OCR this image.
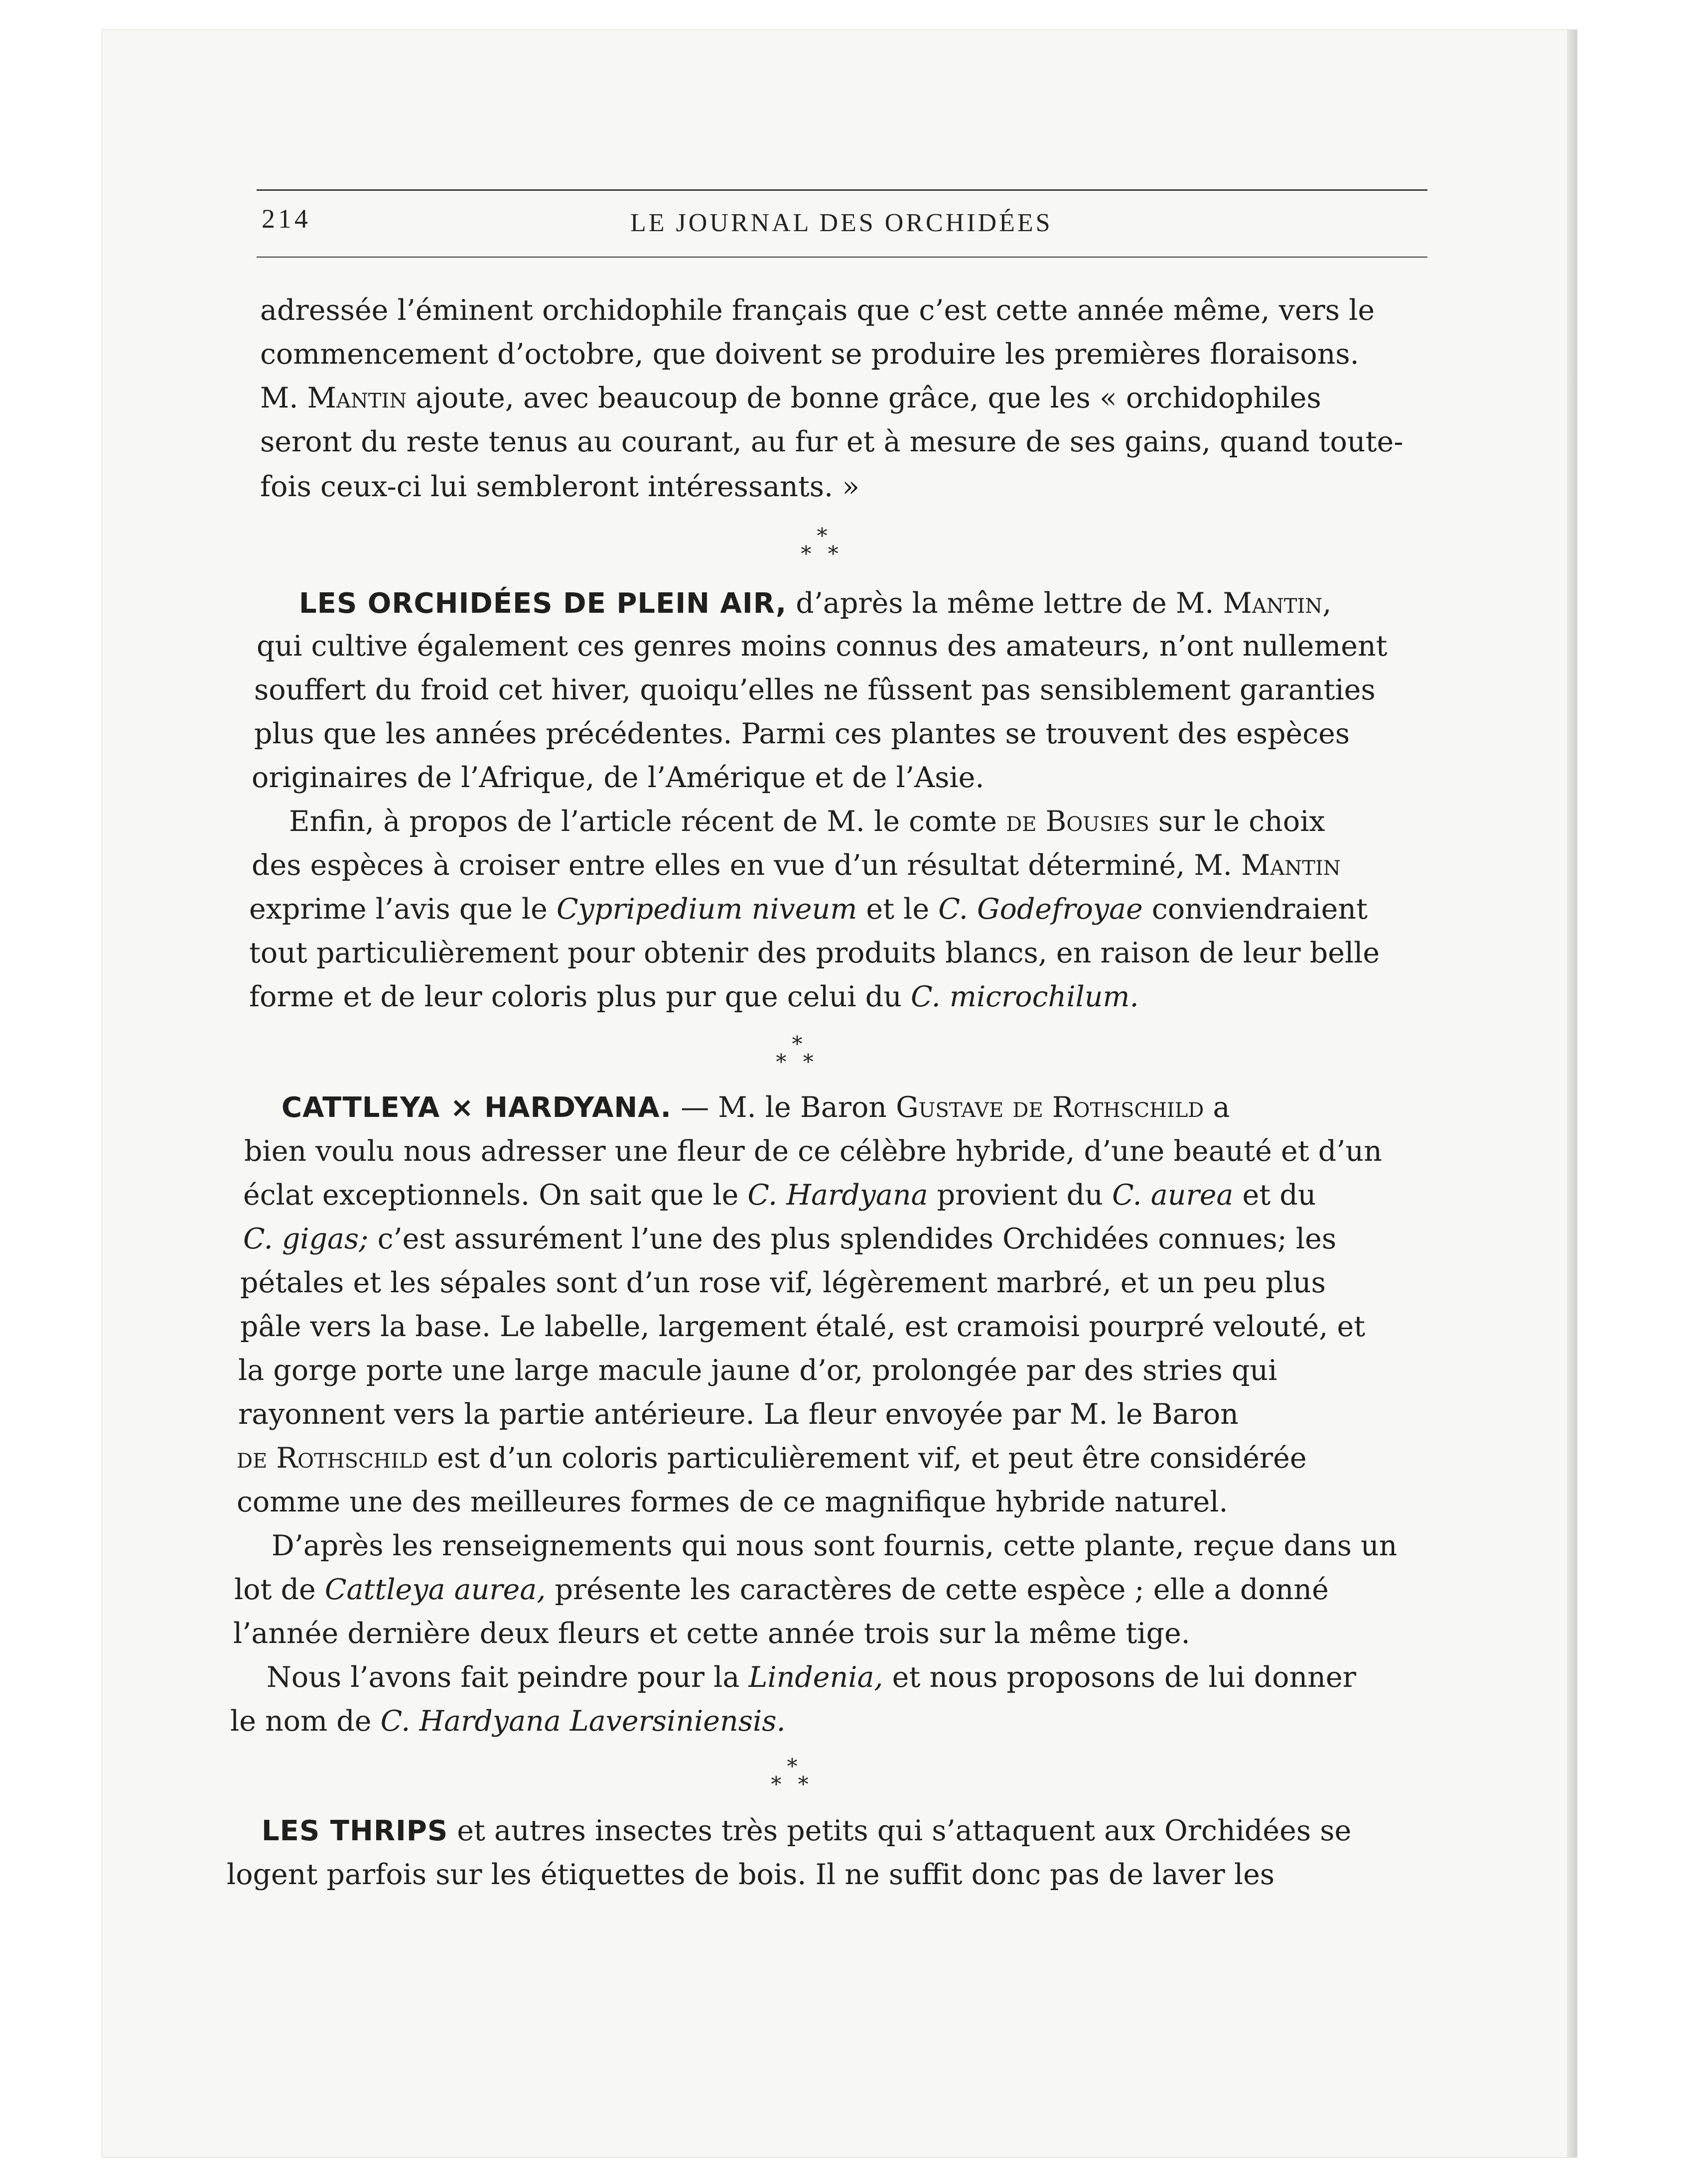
214	LE JOURNAL DES ORCHIDÉES
adressée l’éminent orchidophile français que c’est cette année même, vers le
commencement d’octobre, que doivent se produire les premières floraisons.
M. Mantin ajoute, avec beaucoup de bonne grâce, que les « orchidophiles
seront du reste tenus au courant, au fur et à mesure de ses gains, quand toute-
fois ceux-ci lui sembleront intéressants. »
*
* *
LES ORCHIDÉES DE PLEIN AIR, d’après la même lettre de M. Mantin,
qui cultive également ces genres moins connus des amateurs, n’ont nullement
souffert du froid cet hiver, quoiqu’elles ne fûssent pas sensiblement garanties
plus que les années précédentes. Parmi ces plantes se trouvent des espèces
originaires de l’Afrique, de l’Amérique et de l’Asie.
Enfin, à propos de l’article récent de M. le comte de Bousies sur le choix
des espèces à croiser entre elles en vue d’un résultat déterminé, M. Mantin
exprime l’avis que le Cypripedium niveum et le C. Godefroyae conviendraient
tout particulièrement pour obtenir des produits blancs, en raison de leur belle
forme et de leur coloris plus pur que celui du C. microchilum.
*
* *
CATTLEYA × HARDYANA. — M. le Baron Gustave de Rothschild a
bien voulu nous adresser une fleur de ce célèbre hybride, d’une beauté et d’un
éclat exceptionnels. On sait que le C. Hardyana provient du C. aurea et du
C. gigas; c’est assurément l’une des plus splendides Orchidées connues; les
pétales et les sépales sont d’un rose vif, légèrement marbré, et un peu plus
pâle vers la base. Le labelle, largement étalé, est cramoisi pourpré velouté, et
la gorge porte une large macule jaune d’or, prolongée par des stries qui
rayonnent vers la partie antérieure. La fleur envoyée par M. le Baron
de Rothschild est d’un coloris particulièrement vif, et peut être considérée
comme une des meilleures formes de ce magnifique hybride naturel.
D’après les renseignements qui nous sont fournis, cette plante, reçue dans un
lot de Cattleya aurea, présente les caractères de cette espèce ; elle a donné
l’année dernière deux fleurs et cette année trois sur la même tige.
Nous l’avons fait peindre pour la Lindenia, et nous proposons de lui donner
le nom de C. Hardyana Laversiniensis.
*
* *
LES THRIPS et autres insectes très petits qui s’attaquent aux Orchidées se
logent parfois sur les étiquettes de bois. Il ne suffit donc pas de laver les
